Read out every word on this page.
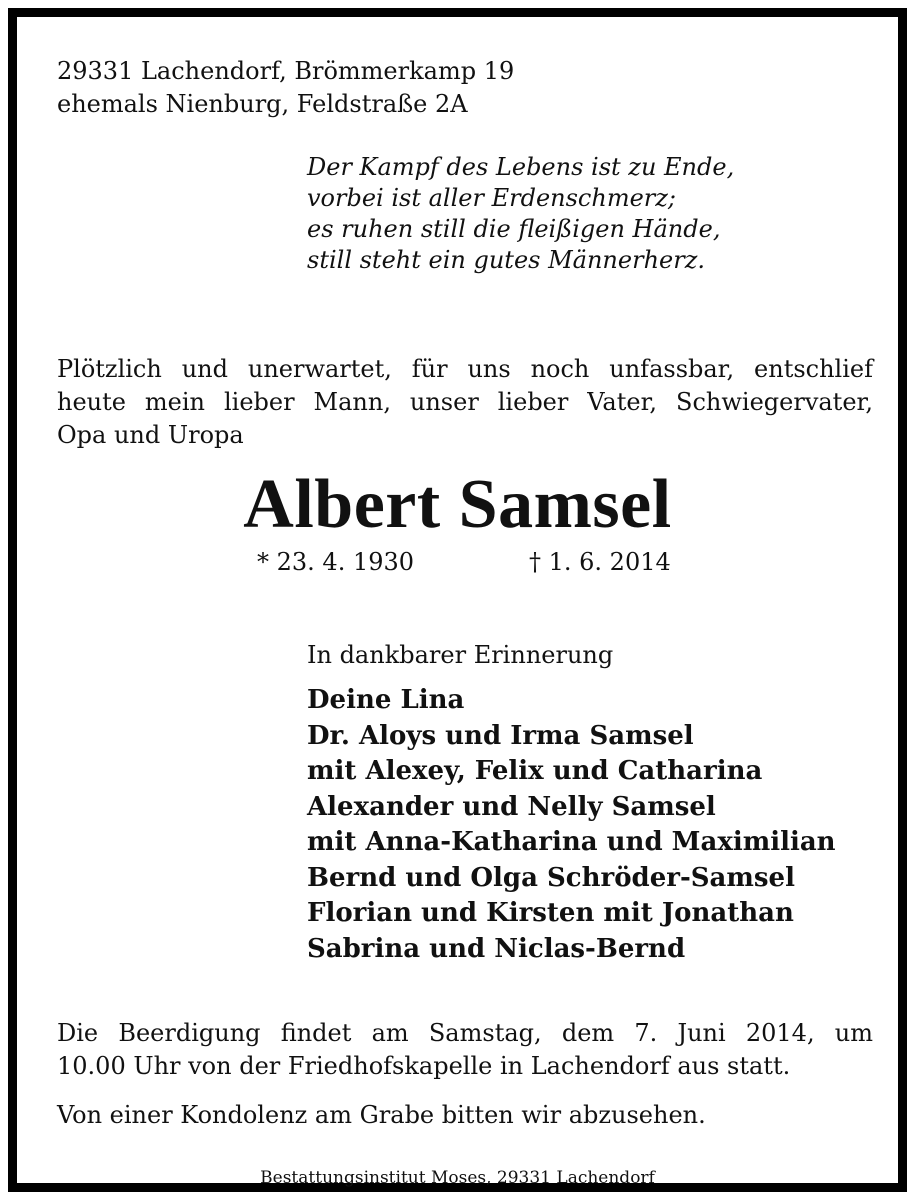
29331 Lachendorf, Brömmerkamp 19
ehemals Nienburg, Feldstraße 2A
Der Kampf des Lebens ist zu Ende,
vorbei ist aller Erdenschmerz;
es ruhen still die fleißigen Hände,
still steht ein gutes Männerherz.
Plötzlich und unerwartet, für uns noch unfassbar, entschlief
heute mein lieber Mann, unser lieber Vater, Schwiegervater,
Opa und Uropa
Albert Samsel

* 23. 4. 1930	† 1. 6. 2014

In dankbarer Erinnerung

Deine Lina
Dr. Aloys und Irma Samsel
mit Alexey, Felix und Catharina
Alexander und Nelly Samsel
mit Anna-Katharina und Maximilian
Bernd und Olga Schröder-Samsel
Florian und Kirsten mit Jonathan
Sabrina und Niclas-Bernd
Die Beerdigung findet am Samstag, dem 7. Juni 2014, um
10.00 Uhr von der Friedhofskapelle in Lachendorf aus statt.

Von einer Kondolenz am Grabe bitten wir abzusehen.

Bestattungsinstitut Moses, 29331 Lachendorf
